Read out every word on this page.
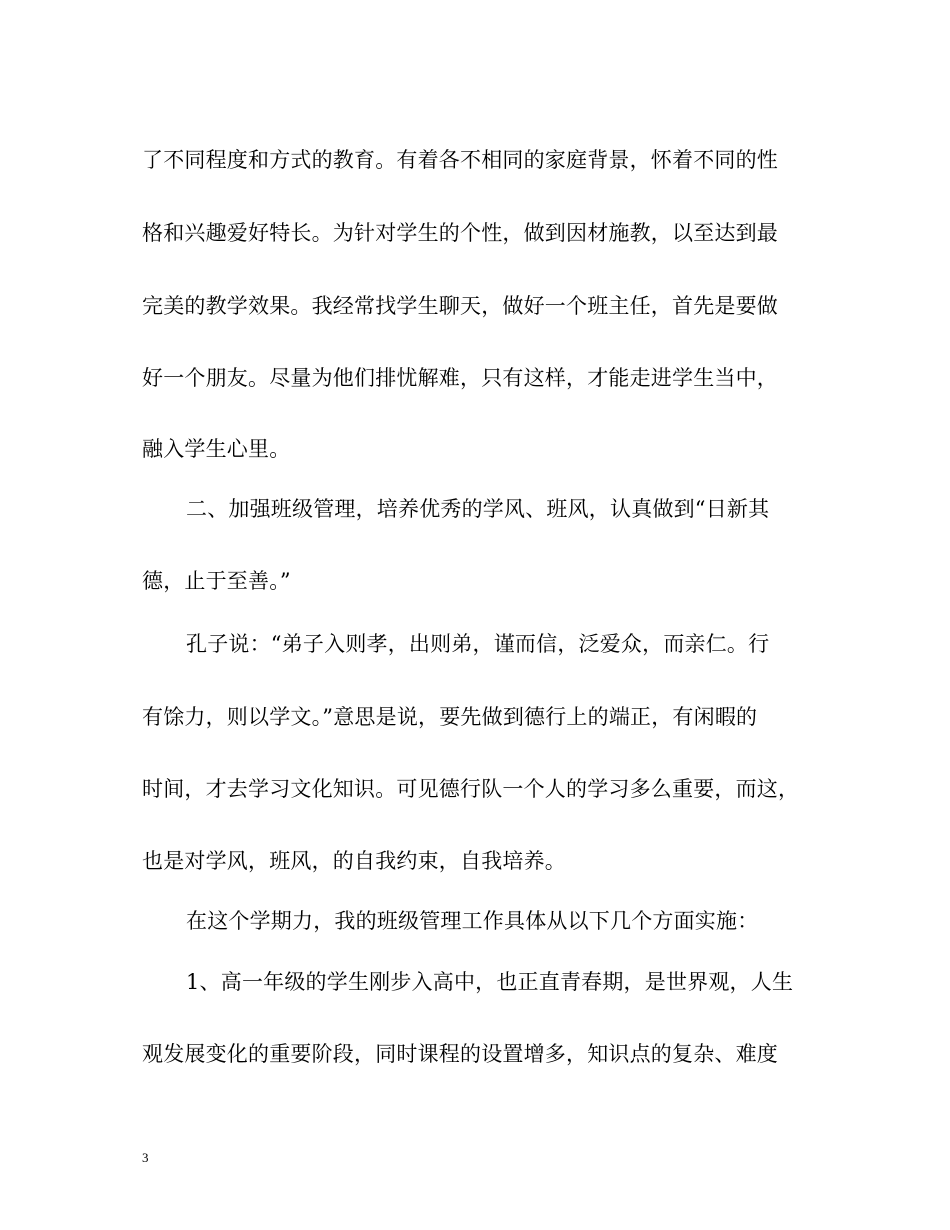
了不同程度和方式的教育。有着各不相同的家庭背景，怀着不同的性
格和兴趣爱好特长。为针对学生的个性，做到因材施教，以至达到最
完美的教学效果。我经常找学生聊天，做好一个班主任，首先是要做
好一个朋友。尽量为他们排忧解难，只有这样，才能走进学生当中，
融入学生心里。
二、加强班级管理，培养优秀的学风、班风，认真做到“日新其
德，止于至善。”
孔子说：“弟子入则孝，出则弟，谨而信，泛爱众，而亲仁。行
有馀力，则以学文。”意思是说，要先做到德行上的端正，有闲暇的
时间，才去学习文化知识。可见德行队一个人的学习多么重要，而这，
也是对学风，班风，的自我约束，自我培养。
在这个学期力，我的班级管理工作具体从以下几个方面实施：
1、高一年级的学生刚步入高中，也正直青春期，是世界观，人生
观发展变化的重要阶段，同时课程的设置增多，知识点的复杂、难度
3
